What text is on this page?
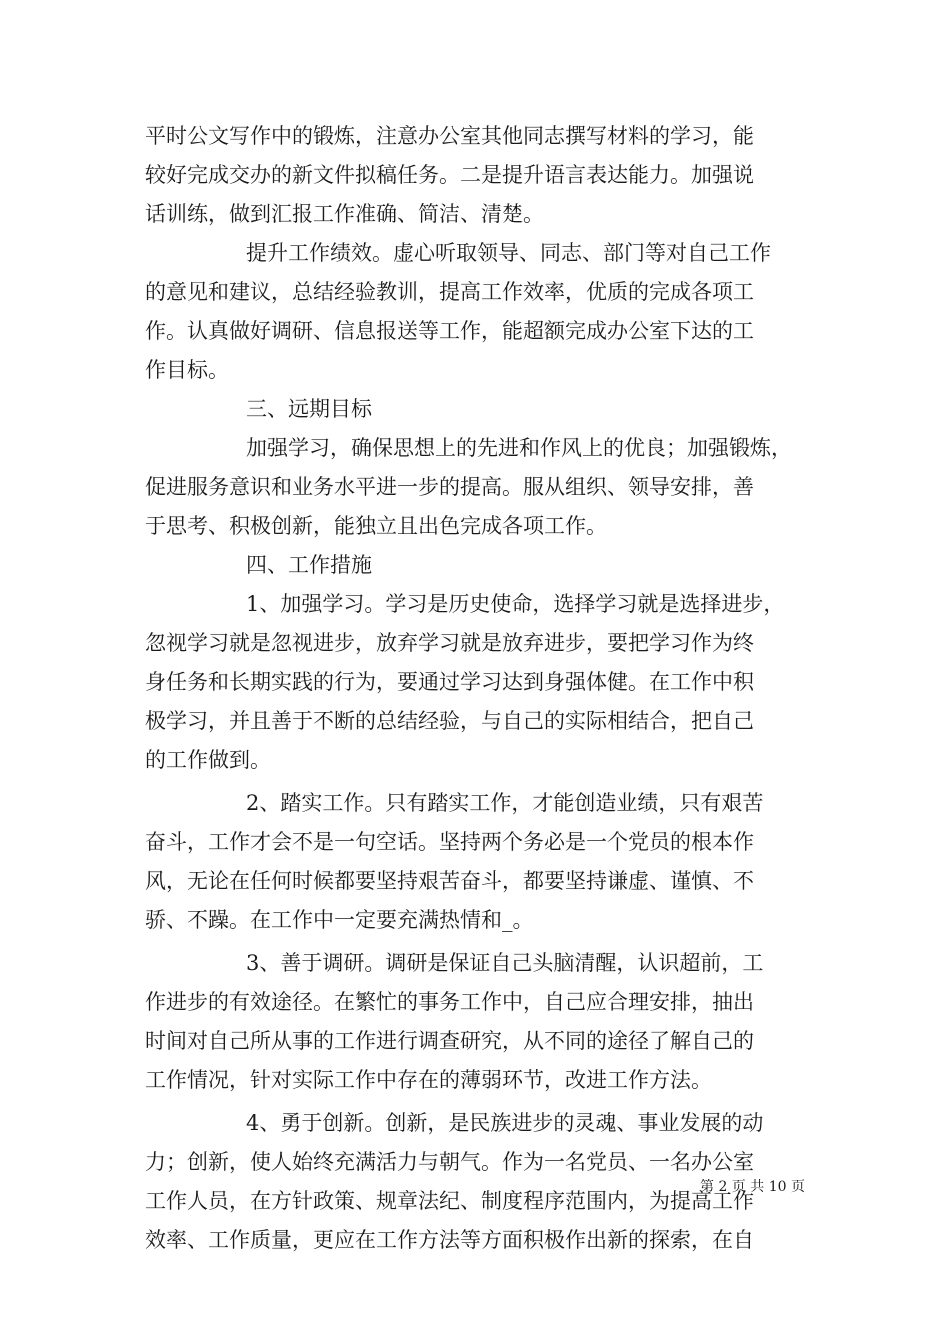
平时公文写作中的锻炼，注意办公室其他同志撰写材料的学习，能
较好完成交办的新文件拟稿任务。二是提升语言表达能力。加强说
话训练，做到汇报工作准确、简洁、清楚。
提升工作绩效。虚心听取领导、同志、部门等对自己工作
的意见和建议，总结经验教训，提高工作效率，优质的完成各项工
作。认真做好调研、信息报送等工作，能超额完成办公室下达的工
作目标。
三、远期目标
加强学习，确保思想上的先进和作风上的优良；加强锻炼，
促进服务意识和业务水平进一步的提高。服从组织、领导安排，善
于思考、积极创新，能独立且出色完成各项工作。
四、工作措施
1、加强学习。学习是历史使命，选择学习就是选择进步，
忽视学习就是忽视进步，放弃学习就是放弃进步，要把学习作为终
身任务和长期实践的行为，要通过学习达到身强体健。在工作中积
极学习，并且善于不断的总结经验，与自己的实际相结合，把自己
的工作做到。
2、踏实工作。只有踏实工作，才能创造业绩，只有艰苦
奋斗，工作才会不是一句空话。坚持两个务必是一个党员的根本作
风，无论在任何时候都要坚持艰苦奋斗，都要坚持谦虚、谨慎、不
骄、不躁。在工作中一定要充满热情和_。
3、善于调研。调研是保证自己头脑清醒，认识超前，工
作进步的有效途径。在繁忙的事务工作中，自己应合理安排，抽出
时间对自己所从事的工作进行调查研究，从不同的途径了解自己的
工作情况，针对实际工作中存在的薄弱环节，改进工作方法。
4、勇于创新。创新，是民族进步的灵魂、事业发展的动
力；创新，使人始终充满活力与朝气。作为一名党员、一名办公室
工作人员，在方针政策、规章法纪、制度程序范围内，为提高工作
效率、工作质量，更应在工作方法等方面积极作出新的探索，在自
第 2 页 共 10 页
